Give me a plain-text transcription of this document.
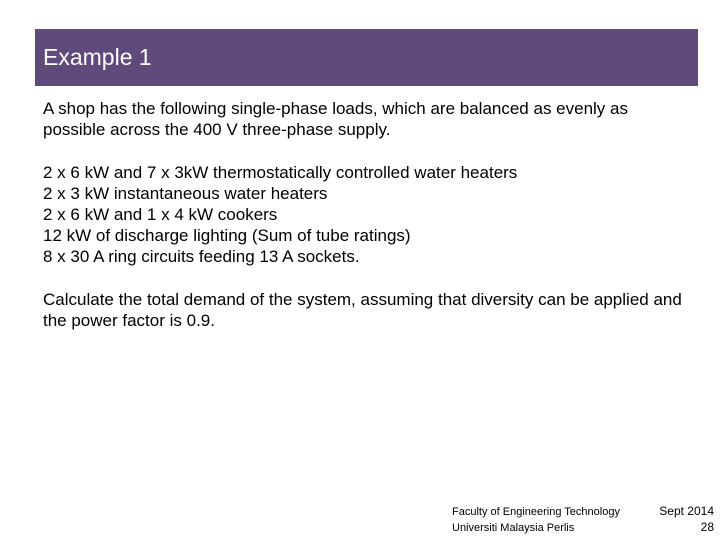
Example 1

A shop has the following single-phase loads, which are balanced as evenly as possible across the 400 V three-phase supply.

2 x 6 kW and 7 x 3kW thermostatically controlled water heaters
2 x 3 kW instantaneous water heaters
2 x 6 kW and 1 x 4 kW cookers
12 kW of discharge lighting (Sum of tube ratings)
8 x 30 A ring circuits feeding 13 A sockets.

Calculate the total demand of the system, assuming that diversity can be applied and the power factor is 0.9.

Faculty of Engineering Technology	Sept 2014
Universiti Malaysia Perlis	28
